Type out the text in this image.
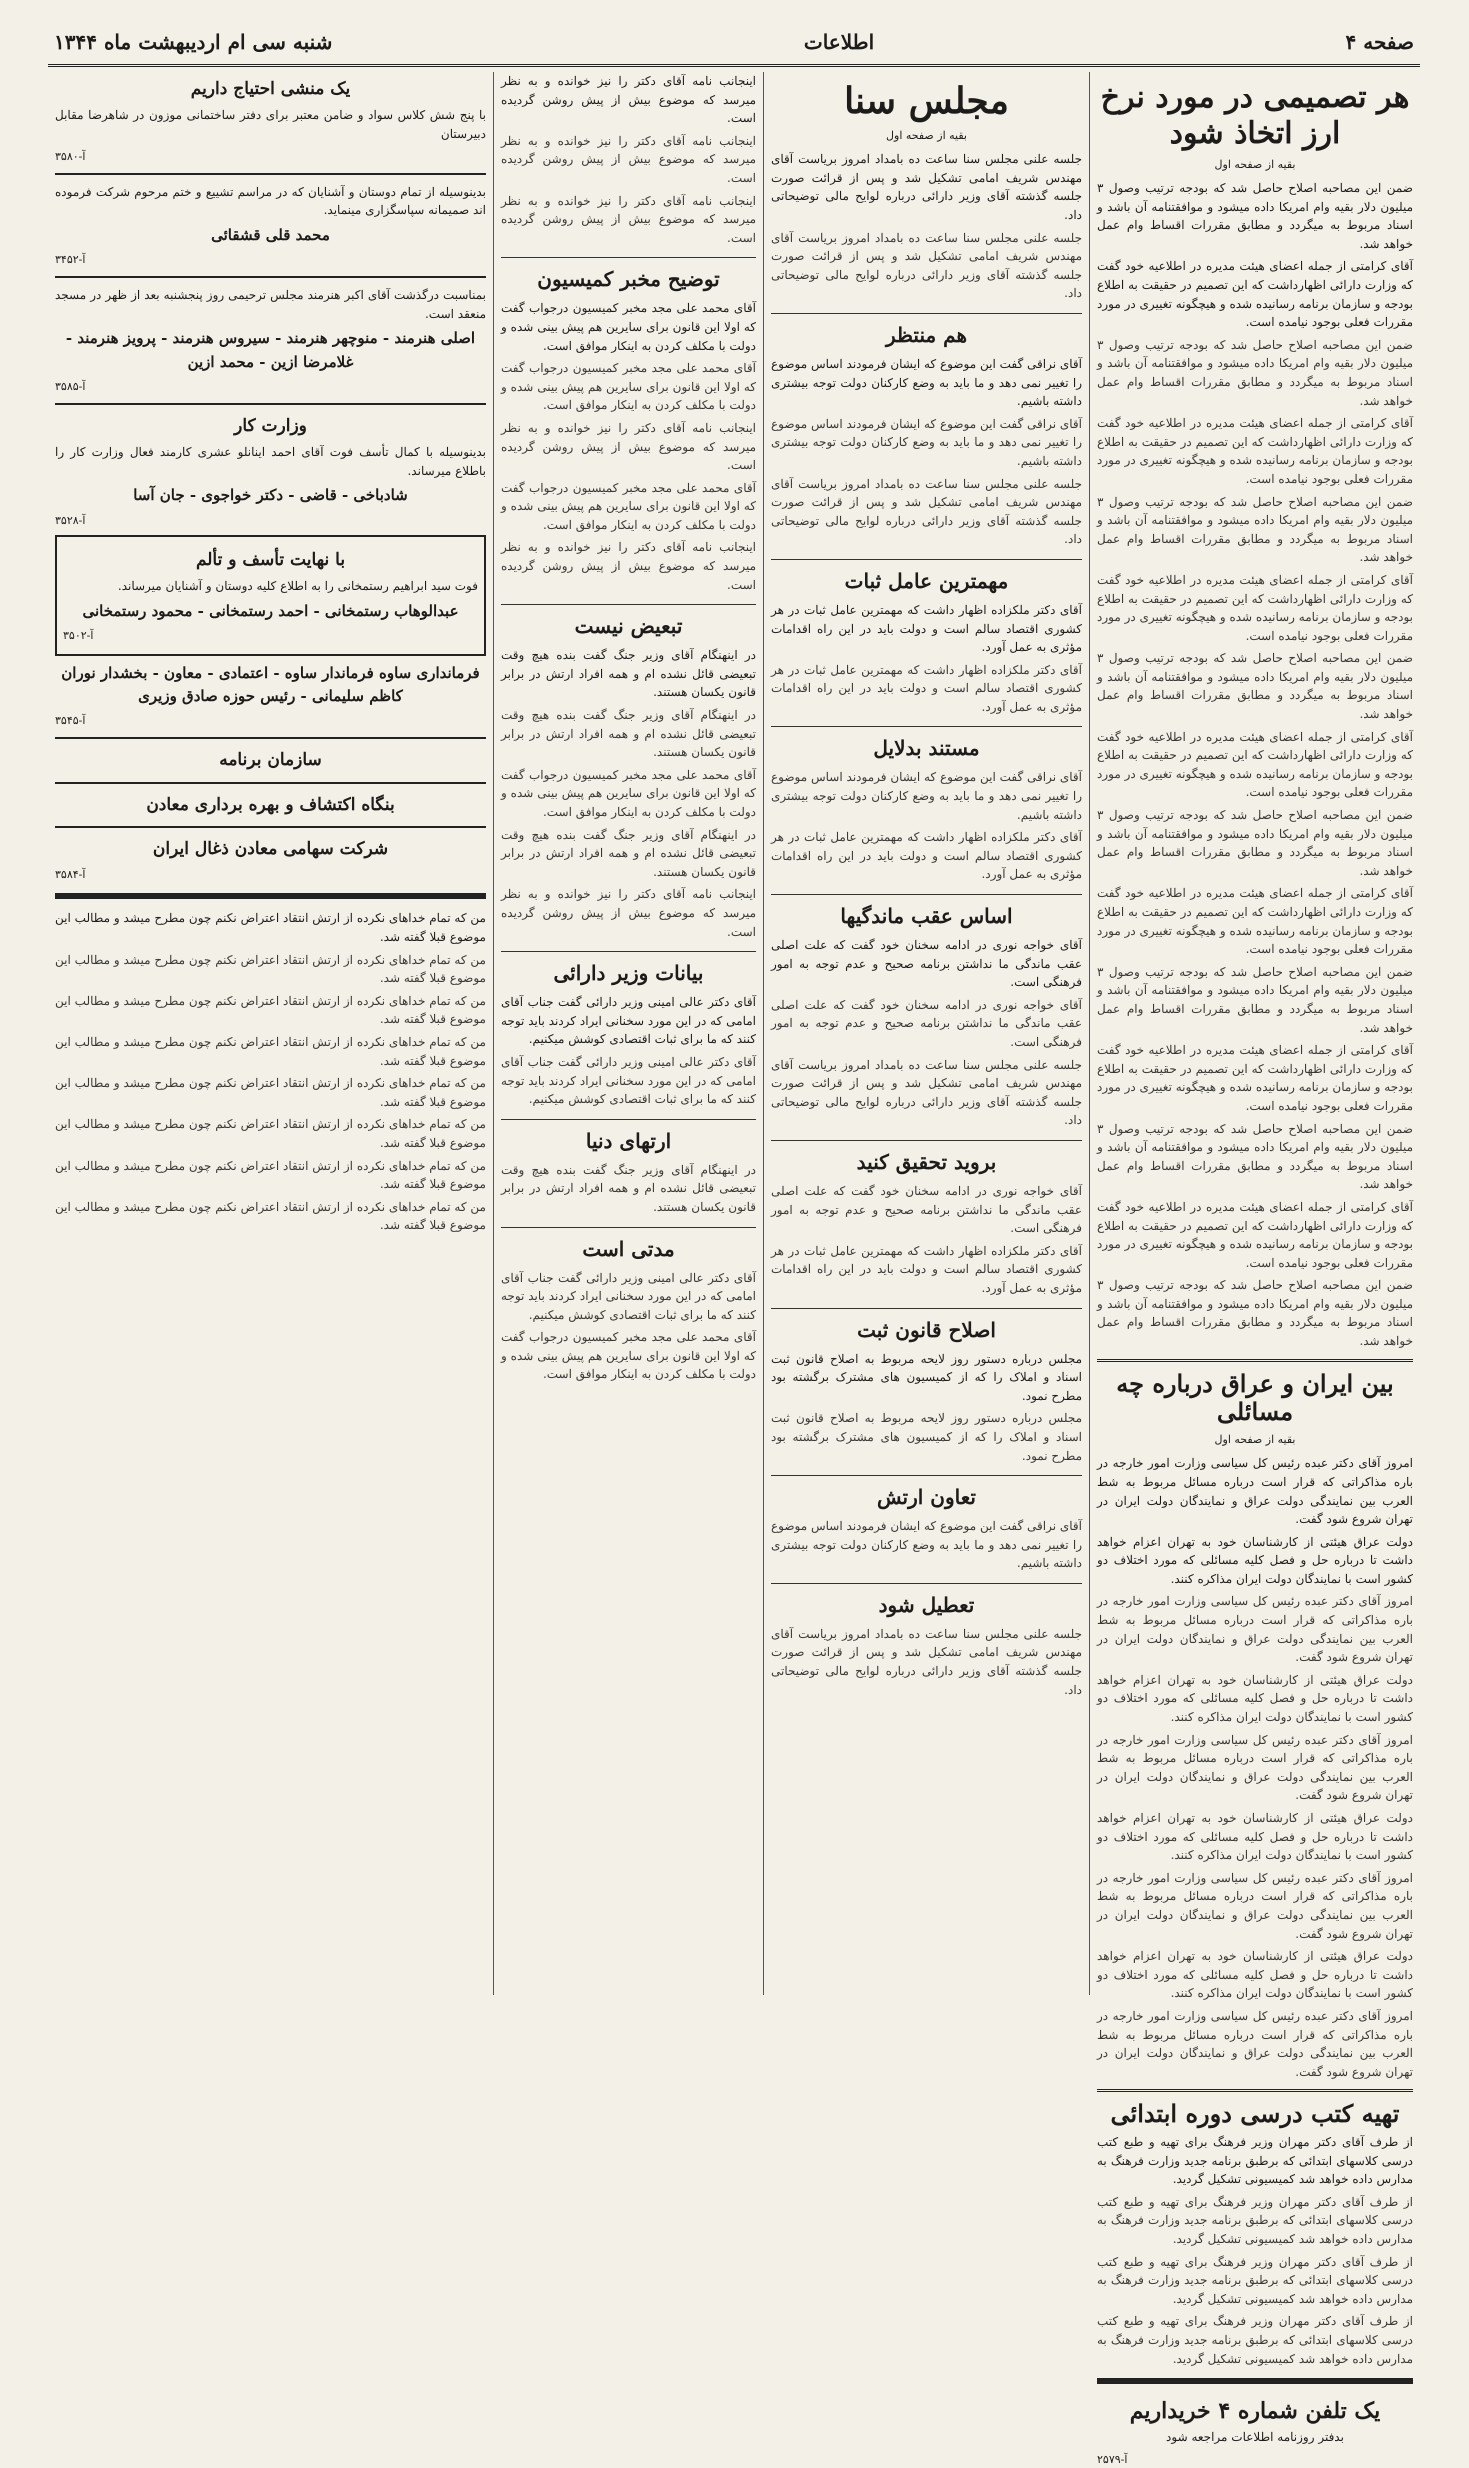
صفحه ۴
اطلاعات
شنبه سی ام اردیبهشت ماه ۱۳۴۴
هر تصمیمی در مورد نرخ ارز اتخاذ شود
بقیه از صفحه اول

ضمن این مصاحبه اصلاح حاصل شد که بودجه ترتیب وصول ۳ میلیون دلار بقیه وام امریکا داده میشود و موافقتنامه آن باشد و اسناد مربوط به میگردد و مطابق مقررات اقساط وام عمل خواهد شد.

آقای کرامتی از جمله اعضای هیئت مدیره در اطلاعیه خود گفت که وزارت دارائی اظهارداشت که این تصمیم در حقیقت به اطلاع بودجه و سازمان برنامه رسانیده شده و هیچگونه تغییری در مورد مقررات فعلی بوجود نیامده است.

ضمن این مصاحبه اصلاح حاصل شد که بودجه ترتیب وصول ۳ میلیون دلار بقیه وام امریکا داده میشود و موافقتنامه آن باشد و اسناد مربوط به میگردد و مطابق مقررات اقساط وام عمل خواهد شد.

آقای کرامتی از جمله اعضای هیئت مدیره در اطلاعیه خود گفت که وزارت دارائی اظهارداشت که این تصمیم در حقیقت به اطلاع بودجه و سازمان برنامه رسانیده شده و هیچگونه تغییری در مورد مقررات فعلی بوجود نیامده است.

ضمن این مصاحبه اصلاح حاصل شد که بودجه ترتیب وصول ۳ میلیون دلار بقیه وام امریکا داده میشود و موافقتنامه آن باشد و اسناد مربوط به میگردد و مطابق مقررات اقساط وام عمل خواهد شد.

آقای کرامتی از جمله اعضای هیئت مدیره در اطلاعیه خود گفت که وزارت دارائی اظهارداشت که این تصمیم در حقیقت به اطلاع بودجه و سازمان برنامه رسانیده شده و هیچگونه تغییری در مورد مقررات فعلی بوجود نیامده است.

ضمن این مصاحبه اصلاح حاصل شد که بودجه ترتیب وصول ۳ میلیون دلار بقیه وام امریکا داده میشود و موافقتنامه آن باشد و اسناد مربوط به میگردد و مطابق مقررات اقساط وام عمل خواهد شد.

آقای کرامتی از جمله اعضای هیئت مدیره در اطلاعیه خود گفت که وزارت دارائی اظهارداشت که این تصمیم در حقیقت به اطلاع بودجه و سازمان برنامه رسانیده شده و هیچگونه تغییری در مورد مقررات فعلی بوجود نیامده است.

ضمن این مصاحبه اصلاح حاصل شد که بودجه ترتیب وصول ۳ میلیون دلار بقیه وام امریکا داده میشود و موافقتنامه آن باشد و اسناد مربوط به میگردد و مطابق مقررات اقساط وام عمل خواهد شد.

آقای کرامتی از جمله اعضای هیئت مدیره در اطلاعیه خود گفت که وزارت دارائی اظهارداشت که این تصمیم در حقیقت به اطلاع بودجه و سازمان برنامه رسانیده شده و هیچگونه تغییری در مورد مقررات فعلی بوجود نیامده است.

ضمن این مصاحبه اصلاح حاصل شد که بودجه ترتیب وصول ۳ میلیون دلار بقیه وام امریکا داده میشود و موافقتنامه آن باشد و اسناد مربوط به میگردد و مطابق مقررات اقساط وام عمل خواهد شد.

آقای کرامتی از جمله اعضای هیئت مدیره در اطلاعیه خود گفت که وزارت دارائی اظهارداشت که این تصمیم در حقیقت به اطلاع بودجه و سازمان برنامه رسانیده شده و هیچگونه تغییری در مورد مقررات فعلی بوجود نیامده است.

ضمن این مصاحبه اصلاح حاصل شد که بودجه ترتیب وصول ۳ میلیون دلار بقیه وام امریکا داده میشود و موافقتنامه آن باشد و اسناد مربوط به میگردد و مطابق مقررات اقساط وام عمل خواهد شد.

آقای کرامتی از جمله اعضای هیئت مدیره در اطلاعیه خود گفت که وزارت دارائی اظهارداشت که این تصمیم در حقیقت به اطلاع بودجه و سازمان برنامه رسانیده شده و هیچگونه تغییری در مورد مقررات فعلی بوجود نیامده است.

ضمن این مصاحبه اصلاح حاصل شد که بودجه ترتیب وصول ۳ میلیون دلار بقیه وام امریکا داده میشود و موافقتنامه آن باشد و اسناد مربوط به میگردد و مطابق مقررات اقساط وام عمل خواهد شد.

بین ایران و عراق درباره چه مسائلی
بقیه از صفحه اول

امروز آقای دکتر عبده رئیس کل سیاسی وزارت امور خارجه در باره مذاکراتی که قرار است درباره مسائل مربوط به شط العرب بین نمایندگی دولت عراق و نمایندگان دولت ایران در تهران شروع شود گفت.

دولت عراق هیئتی از کارشناسان خود به تهران اعزام خواهد داشت تا درباره حل و فصل کلیه مسائلی که مورد اختلاف دو کشور است با نمایندگان دولت ایران مذاکره کنند.

امروز آقای دکتر عبده رئیس کل سیاسی وزارت امور خارجه در باره مذاکراتی که قرار است درباره مسائل مربوط به شط العرب بین نمایندگی دولت عراق و نمایندگان دولت ایران در تهران شروع شود گفت.

دولت عراق هیئتی از کارشناسان خود به تهران اعزام خواهد داشت تا درباره حل و فصل کلیه مسائلی که مورد اختلاف دو کشور است با نمایندگان دولت ایران مذاکره کنند.

امروز آقای دکتر عبده رئیس کل سیاسی وزارت امور خارجه در باره مذاکراتی که قرار است درباره مسائل مربوط به شط العرب بین نمایندگی دولت عراق و نمایندگان دولت ایران در تهران شروع شود گفت.

دولت عراق هیئتی از کارشناسان خود به تهران اعزام خواهد داشت تا درباره حل و فصل کلیه مسائلی که مورد اختلاف دو کشور است با نمایندگان دولت ایران مذاکره کنند.

امروز آقای دکتر عبده رئیس کل سیاسی وزارت امور خارجه در باره مذاکراتی که قرار است درباره مسائل مربوط به شط العرب بین نمایندگی دولت عراق و نمایندگان دولت ایران در تهران شروع شود گفت.

دولت عراق هیئتی از کارشناسان خود به تهران اعزام خواهد داشت تا درباره حل و فصل کلیه مسائلی که مورد اختلاف دو کشور است با نمایندگان دولت ایران مذاکره کنند.

امروز آقای دکتر عبده رئیس کل سیاسی وزارت امور خارجه در باره مذاکراتی که قرار است درباره مسائل مربوط به شط العرب بین نمایندگی دولت عراق و نمایندگان دولت ایران در تهران شروع شود گفت.

تهیه کتب درسی دوره ابتدائی

از طرف آقای دکتر مهران وزیر فرهنگ برای تهیه و طبع کتب درسی کلاسهای ابتدائی که برطبق برنامه جدید وزارت فرهنگ به مدارس داده خواهد شد کمیسیونی تشکیل گردید.

از طرف آقای دکتر مهران وزیر فرهنگ برای تهیه و طبع کتب درسی کلاسهای ابتدائی که برطبق برنامه جدید وزارت فرهنگ به مدارس داده خواهد شد کمیسیونی تشکیل گردید.

از طرف آقای دکتر مهران وزیر فرهنگ برای تهیه و طبع کتب درسی کلاسهای ابتدائی که برطبق برنامه جدید وزارت فرهنگ به مدارس داده خواهد شد کمیسیونی تشکیل گردید.

از طرف آقای دکتر مهران وزیر فرهنگ برای تهیه و طبع کتب درسی کلاسهای ابتدائی که برطبق برنامه جدید وزارت فرهنگ به مدارس داده خواهد شد کمیسیونی تشکیل گردید.

یک تلفن شماره ۴ خریداریم

بدفتر روزنامه اطلاعات مراجعه شود

آ-۲۵۷۹

مجلس سنا
بقیه از صفحه اول

جلسه علنی مجلس سنا ساعت ده بامداد امروز بریاست آقای مهندس شریف امامی تشکیل شد و پس از قرائت صورت جلسه گذشته آقای وزیر دارائی درباره لوایح مالی توضیحاتی داد.

جلسه علنی مجلس سنا ساعت ده بامداد امروز بریاست آقای مهندس شریف امامی تشکیل شد و پس از قرائت صورت جلسه گذشته آقای وزیر دارائی درباره لوایح مالی توضیحاتی داد.

هم منتظر

آقای نراقی گفت این موضوع که ایشان فرمودند اساس موضوع را تغییر نمی دهد و ما باید به وضع کارکنان دولت توجه بیشتری داشته باشیم.

آقای نراقی گفت این موضوع که ایشان فرمودند اساس موضوع را تغییر نمی دهد و ما باید به وضع کارکنان دولت توجه بیشتری داشته باشیم.

جلسه علنی مجلس سنا ساعت ده بامداد امروز بریاست آقای مهندس شریف امامی تشکیل شد و پس از قرائت صورت جلسه گذشته آقای وزیر دارائی درباره لوایح مالی توضیحاتی داد.

مهمترین عامل ثبات

آقای دکتر ملکزاده اظهار داشت که مهمترین عامل ثبات در هر کشوری اقتصاد سالم است و دولت باید در این راه اقدامات مؤثری به عمل آورد.

آقای دکتر ملکزاده اظهار داشت که مهمترین عامل ثبات در هر کشوری اقتصاد سالم است و دولت باید در این راه اقدامات مؤثری به عمل آورد.

مستند بدلایل

آقای نراقی گفت این موضوع که ایشان فرمودند اساس موضوع را تغییر نمی دهد و ما باید به وضع کارکنان دولت توجه بیشتری داشته باشیم.

آقای دکتر ملکزاده اظهار داشت که مهمترین عامل ثبات در هر کشوری اقتصاد سالم است و دولت باید در این راه اقدامات مؤثری به عمل آورد.

اساس عقب ماندگیها

آقای خواجه نوری در ادامه سخنان خود گفت که علت اصلی عقب ماندگی ما نداشتن برنامه صحیح و عدم توجه به امور فرهنگی است.

آقای خواجه نوری در ادامه سخنان خود گفت که علت اصلی عقب ماندگی ما نداشتن برنامه صحیح و عدم توجه به امور فرهنگی است.

جلسه علنی مجلس سنا ساعت ده بامداد امروز بریاست آقای مهندس شریف امامی تشکیل شد و پس از قرائت صورت جلسه گذشته آقای وزیر دارائی درباره لوایح مالی توضیحاتی داد.

بروید تحقیق کنید

آقای خواجه نوری در ادامه سخنان خود گفت که علت اصلی عقب ماندگی ما نداشتن برنامه صحیح و عدم توجه به امور فرهنگی است.

آقای دکتر ملکزاده اظهار داشت که مهمترین عامل ثبات در هر کشوری اقتصاد سالم است و دولت باید در این راه اقدامات مؤثری به عمل آورد.

اصلاح قانون ثبت

مجلس درباره دستور روز لایحه مربوط به اصلاح قانون ثبت اسناد و املاک را که از کمیسیون های مشترک برگشته بود مطرح نمود.

مجلس درباره دستور روز لایحه مربوط به اصلاح قانون ثبت اسناد و املاک را که از کمیسیون های مشترک برگشته بود مطرح نمود.

تعاون ارتش

آقای نراقی گفت این موضوع که ایشان فرمودند اساس موضوع را تغییر نمی دهد و ما باید به وضع کارکنان دولت توجه بیشتری داشته باشیم.

تعطیل شود

جلسه علنی مجلس سنا ساعت ده بامداد امروز بریاست آقای مهندس شریف امامی تشکیل شد و پس از قرائت صورت جلسه گذشته آقای وزیر دارائی درباره لوایح مالی توضیحاتی داد.

اینجانب نامه آقای دکتر را نیز خوانده و به نظر میرسد که موضوع بیش از پیش روشن گردیده است.

اینجانب نامه آقای دکتر را نیز خوانده و به نظر میرسد که موضوع بیش از پیش روشن گردیده است.

اینجانب نامه آقای دکتر را نیز خوانده و به نظر میرسد که موضوع بیش از پیش روشن گردیده است.

توضیح مخبر کمیسیون

آقای محمد علی مجد مخبر کمیسیون درجواب گفت که اولا این قانون برای سایرین هم پیش بینی شده و دولت با مکلف کردن به اینکار موافق است.

آقای محمد علی مجد مخبر کمیسیون درجواب گفت که اولا این قانون برای سایرین هم پیش بینی شده و دولت با مکلف کردن به اینکار موافق است.

اینجانب نامه آقای دکتر را نیز خوانده و به نظر میرسد که موضوع بیش از پیش روشن گردیده است.

آقای محمد علی مجد مخبر کمیسیون درجواب گفت که اولا این قانون برای سایرین هم پیش بینی شده و دولت با مکلف کردن به اینکار موافق است.

اینجانب نامه آقای دکتر را نیز خوانده و به نظر میرسد که موضوع بیش از پیش روشن گردیده است.

تبعیض نیست

در اینهنگام آقای وزیر جنگ گفت بنده هیچ وقت تبعیضی قائل نشده ام و همه افراد ارتش در برابر قانون یکسان هستند.

در اینهنگام آقای وزیر جنگ گفت بنده هیچ وقت تبعیضی قائل نشده ام و همه افراد ارتش در برابر قانون یکسان هستند.

آقای محمد علی مجد مخبر کمیسیون درجواب گفت که اولا این قانون برای سایرین هم پیش بینی شده و دولت با مکلف کردن به اینکار موافق است.

در اینهنگام آقای وزیر جنگ گفت بنده هیچ وقت تبعیضی قائل نشده ام و همه افراد ارتش در برابر قانون یکسان هستند.

اینجانب نامه آقای دکتر را نیز خوانده و به نظر میرسد که موضوع بیش از پیش روشن گردیده است.

بیانات وزیر دارائی

آقای دکتر عالی امینی وزیر دارائی گفت جناب آقای امامی که در این مورد سخنانی ایراد کردند باید توجه کنند که ما برای ثبات اقتصادی کوشش میکنیم.

آقای دکتر عالی امینی وزیر دارائی گفت جناب آقای امامی که در این مورد سخنانی ایراد کردند باید توجه کنند که ما برای ثبات اقتصادی کوشش میکنیم.

ارتهای دنیا

در اینهنگام آقای وزیر جنگ گفت بنده هیچ وقت تبعیضی قائل نشده ام و همه افراد ارتش در برابر قانون یکسان هستند.

مدتی است

آقای دکتر عالی امینی وزیر دارائی گفت جناب آقای امامی که در این مورد سخنانی ایراد کردند باید توجه کنند که ما برای ثبات اقتصادی کوشش میکنیم.

آقای محمد علی مجد مخبر کمیسیون درجواب گفت که اولا این قانون برای سایرین هم پیش بینی شده و دولت با مکلف کردن به اینکار موافق است.

یک منشی احتیاج داریم

با پنج شش کلاس سواد و ضامن معتبر برای دفتر ساختمانی موزون در شاهرضا مقابل دبیرستان

آ-۳۵۸۰

بدینوسیله از تمام دوستان و آشنایان که در مراسم تشییع و ختم مرحوم شرکت فرموده اند صمیمانه سپاسگزاری مینماید.

محمد قلی قشقائی

آ-۳۴۵۲

بمناسبت درگذشت آقای اکبر هنرمند مجلس ترحیمی روز پنجشنبه بعد از ظهر در مسجد منعقد است.

اصلی هنرمند - منوچهر هنرمند - سیروس هنرمند - پرویز هنرمند - غلامرضا ازین - محمد ازین

آ-۳۵۸۵

وزارت کار

بدینوسیله با کمال تأسف فوت آقای احمد اینانلو عشری کارمند فعال وزارت کار را باطلاع میرساند.

شادباخی - قاضی - دکتر خواجوی - جان آسا

آ-۳۵۲۸

با نهایت تأسف و تألم

فوت سید ابراهیم رستمخانی را به اطلاع کلیه دوستان و آشنایان میرساند.

عبدالوهاب رستمخانی - احمد رستمخانی - محمود رستمخانی

آ-۳۵۰۲

فرمانداری ساوه فرماندار ساوه - اعتمادی - معاون - بخشدار نوران کاظم سلیمانی - رئیس حوزه صادق وزیری

آ-۳۵۴۵

سازمان برنامه
بنگاه اکتشاف و بهره برداری معادن
شرکت سهامی معادن ذغال ایران

آ-۳۵۸۴

من که تمام خداهای نکرده از ارتش انتقاد اعتراض نکنم چون مطرح میشد و مطالب این موضوع قبلا گفته شد.

من که تمام خداهای نکرده از ارتش انتقاد اعتراض نکنم چون مطرح میشد و مطالب این موضوع قبلا گفته شد.

من که تمام خداهای نکرده از ارتش انتقاد اعتراض نکنم چون مطرح میشد و مطالب این موضوع قبلا گفته شد.

من که تمام خداهای نکرده از ارتش انتقاد اعتراض نکنم چون مطرح میشد و مطالب این موضوع قبلا گفته شد.

من که تمام خداهای نکرده از ارتش انتقاد اعتراض نکنم چون مطرح میشد و مطالب این موضوع قبلا گفته شد.

من که تمام خداهای نکرده از ارتش انتقاد اعتراض نکنم چون مطرح میشد و مطالب این موضوع قبلا گفته شد.

من که تمام خداهای نکرده از ارتش انتقاد اعتراض نکنم چون مطرح میشد و مطالب این موضوع قبلا گفته شد.

من که تمام خداهای نکرده از ارتش انتقاد اعتراض نکنم چون مطرح میشد و مطالب این موضوع قبلا گفته شد.
